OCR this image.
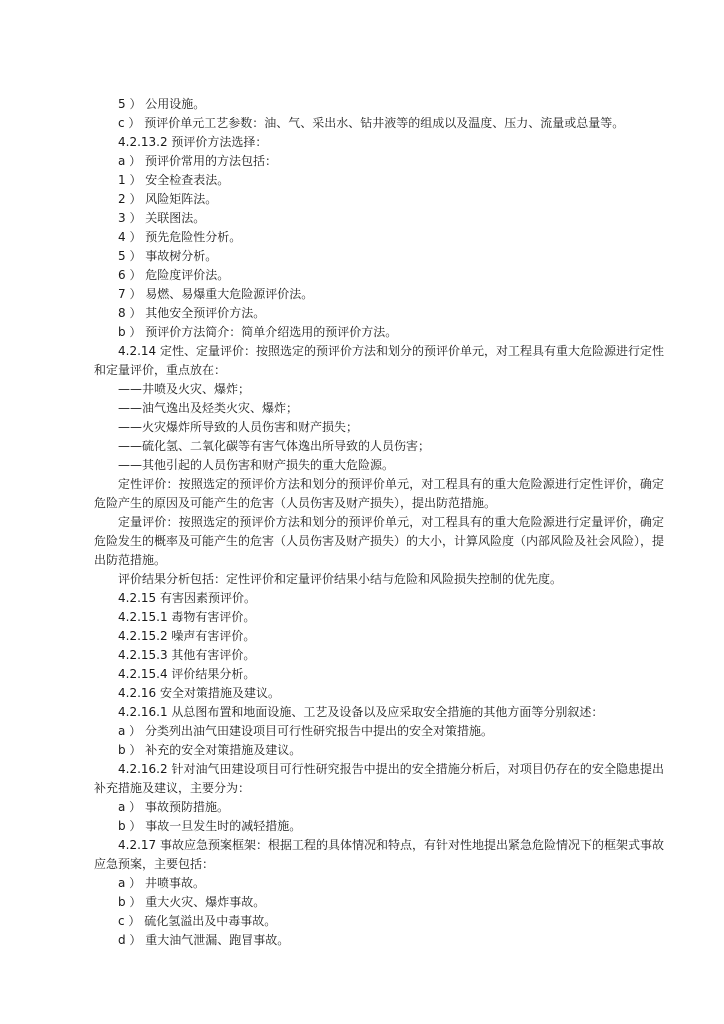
5 ） 公用设施。

c ） 预评价单元工艺参数：油、气、采出水、钻井液等的组成以及温度、压力、流量或总量等。

4.2.13.2 预评价方法选择：

a ） 预评价常用的方法包括：

1 ） 安全检查表法。

2 ） 风险矩阵法。

3 ） 关联图法。

4 ） 预先危险性分析。

5 ） 事故树分析。

6 ） 危险度评价法。

7 ） 易燃、易爆重大危险源评价法。

8 ） 其他安全预评价方法。

b ） 预评价方法简介：简单介绍选用的预评价方法。

4.2.14 定性、定量评价：按照选定的预评价方法和划分的预评价单元，对工程具有重大危险源进行定性和定量评价，重点放在：

——井喷及火灾、爆炸；

——油气逸出及烃类火灾、爆炸；

——火灾爆炸所导致的人员伤害和财产损失；

——硫化氢、二氧化碳等有害气体逸出所导致的人员伤害；

——其他引起的人员伤害和财产损失的重大危险源。

定性评价：按照选定的预评价方法和划分的预评价单元，对工程具有的重大危险源进行定性评价，确定危险产生的原因及可能产生的危害（人员伤害及财产损失），提出防范措施。

定量评价：按照选定的预评价方法和划分的预评价单元，对工程具有的重大危险源进行定量评价，确定危险发生的概率及可能产生的危害（人员伤害及财产损失）的大小，计算风险度（内部风险及社会风险），提出防范措施。

评价结果分析包括：定性评价和定量评价结果小结与危险和风险损失控制的优先度。

4.2.15 有害因素预评价。

4.2.15.1 毒物有害评价。

4.2.15.2 噪声有害评价。

4.2.15.3 其他有害评价。

4.2.15.4 评价结果分析。

4.2.16 安全对策措施及建议。

4.2.16.1 从总图布置和地面设施、工艺及设备以及应采取安全措施的其他方面等分别叙述：

a ） 分类列出油气田建设项目可行性研究报告中提出的安全对策措施。

b ） 补充的安全对策措施及建议。

4.2.16.2 针对油气田建设项目可行性研究报告中提出的安全措施分析后，对项目仍存在的安全隐患提出补充措施及建议，主要分为：

a ） 事故预防措施。

b ） 事故一旦发生时的减轻措施。

4.2.17 事故应急预案框架：根据工程的具体情况和特点，有针对性地提出紧急危险情况下的框架式事故应急预案，主要包括：

a ） 井喷事故。

b ） 重大火灾、爆炸事故。

c ） 硫化氢溢出及中毒事故。

d ） 重大油气泄漏、跑冒事故。
